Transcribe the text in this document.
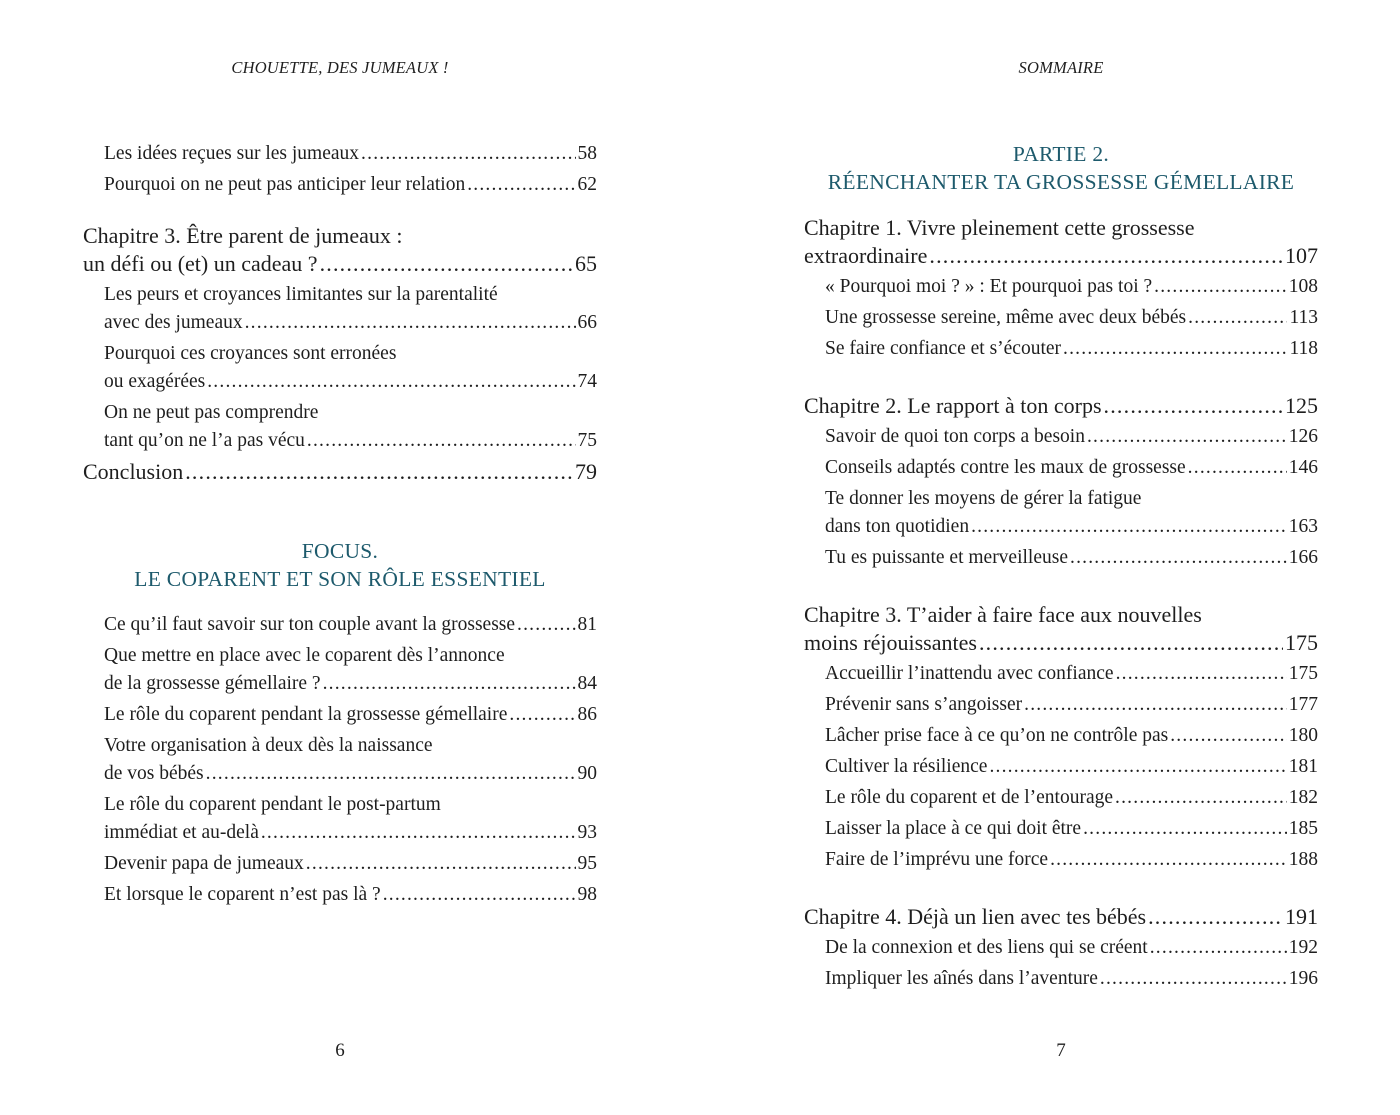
CHOUETTE, DES JUMEAUX !
Les idées reçues sur les jumeaux .....	58
Pourquoi on ne peut pas anticiper leur relation .....	62
Chapitre 3. Être parent de jumeaux :
un défi ou (et) un cadeau ? .....	65
Les peurs et croyances limitantes sur la parentalité
avec des jumeaux .....	66
Pourquoi ces croyances sont erronées
ou exagérées .....	74
On ne peut pas comprendre
tant qu’on ne l’a pas vécu .....	75
Conclusion .....	79
FOCUS.
LE COPARENT ET SON RÔLE ESSENTIEL
Ce qu’il faut savoir sur ton couple avant la grossesse .....	81
Que mettre en place avec le coparent dès l’annonce
de la grossesse gémellaire ? .....	84
Le rôle du coparent pendant la grossesse gémellaire .....	86
Votre organisation à deux dès la naissance
de vos bébés .....	90
Le rôle du coparent pendant le post-partum
immédiat et au-delà .....	93
Devenir papa de jumeaux .....	95
Et lorsque le coparent n’est pas là ? .....	98
6
SOMMAIRE
PARTIE 2.
RÉENCHANTER TA GROSSESSE GÉMELLAIRE
Chapitre 1. Vivre pleinement cette grossesse
extraordinaire .....	107
« Pourquoi moi ? » : Et pourquoi pas toi ? .....	108
Une grossesse sereine, même avec deux bébés .....	113
Se faire confiance et s’écouter .....	118
Chapitre 2. Le rapport à ton corps .....	125
Savoir de quoi ton corps a besoin .....	126
Conseils adaptés contre les maux de grossesse .....	146
Te donner les moyens de gérer la fatigue
dans ton quotidien .....	163
Tu es puissante et merveilleuse .....	166
Chapitre 3. T’aider à faire face aux nouvelles
moins réjouissantes .....	175
Accueillir l’inattendu avec confiance .....	175
Prévenir sans s’angoisser .....	177
Lâcher prise face à ce qu’on ne contrôle pas .....	180
Cultiver la résilience .....	181
Le rôle du coparent et de l’entourage .....	182
Laisser la place à ce qui doit être .....	185
Faire de l’imprévu une force .....	188
Chapitre 4. Déjà un lien avec tes bébés .....	191
De la connexion et des liens qui se créent .....	192
Impliquer les aînés dans l’aventure .....	196
7
